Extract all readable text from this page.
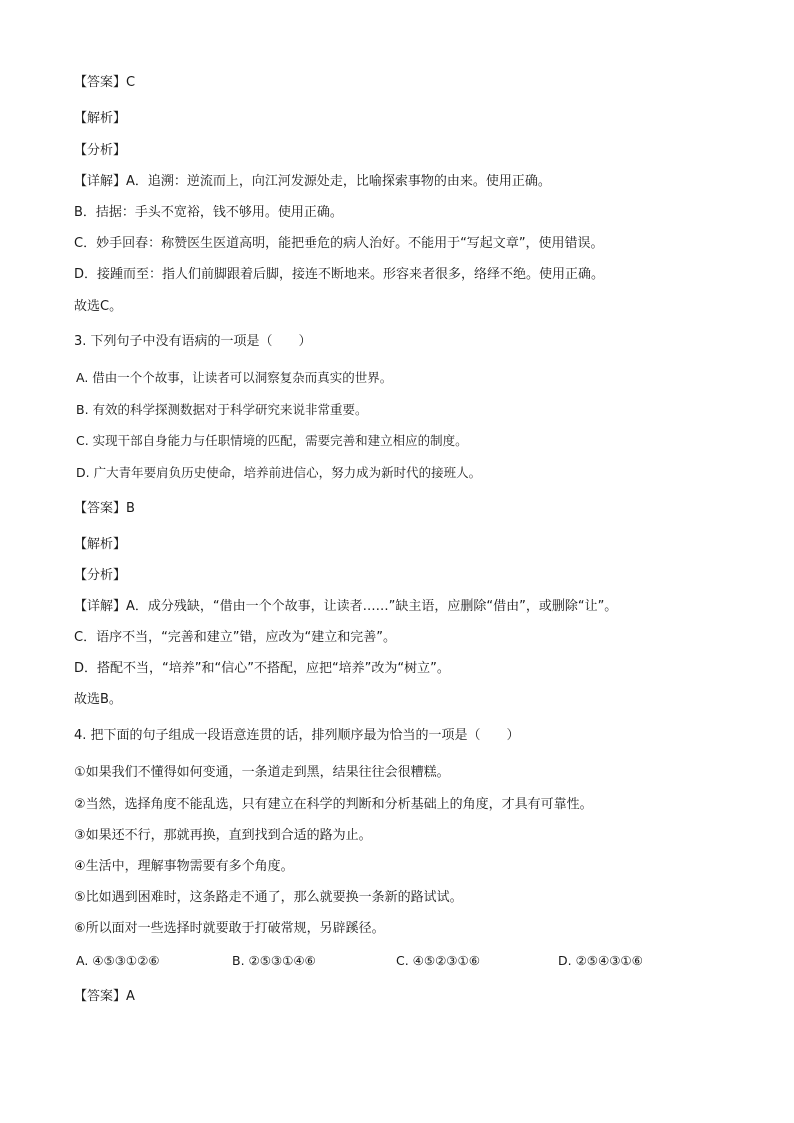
【答案】C
【解析】
【分析】
【详解】A．追溯：逆流而上，向江河发源处走，比喻探索事物的由来。使用正确。
B．拮据：手头不宽裕，钱不够用。使用正确。
C．妙手回春：称赞医生医道高明，能把垂危的病人治好。不能用于“写起文章”，使用错误。
D．接踵而至：指人们前脚跟着后脚，接连不断地来。形容来者很多，络绎不绝。使用正确。
故选C。
3. 下列句子中没有语病的一项是（　　）
A. 借由一个个故事，让读者可以洞察复杂而真实的世界。
B. 有效的科学探测数据对于科学研究来说非常重要。
C. 实现干部自身能力与任职情境的匹配，需要完善和建立相应的制度。
D. 广大青年要肩负历史使命，培养前进信心，努力成为新时代的接班人。
【答案】B
【解析】
【分析】
【详解】A．成分残缺，“借由一个个故事，让读者……”缺主语，应删除“借由”，或删除“让”。
C．语序不当，“完善和建立”错，应改为“建立和完善”。
D．搭配不当，“培养”和“信心”不搭配，应把“培养”改为“树立”。
故选B。
4. 把下面的句子组成一段语意连贯的话，排列顺序最为恰当的一项是（　　）
①如果我们不懂得如何变通，一条道走到黑，结果往往会很糟糕。
②当然，选择角度不能乱选，只有建立在科学的判断和分析基础上的角度，才具有可靠性。
③如果还不行，那就再换，直到找到合适的路为止。
④生活中，理解事物需要有多个角度。
⑤比如遇到困难时，这条路走不通了，那么就要换一条新的路试试。
⑥所以面对一些选择时就要敢于打破常规，另辟蹊径。
A. ④⑤③①②⑥	B. ②⑤③①④⑥	C. ④⑤②③①⑥	D. ②⑤④③①⑥
【答案】A
